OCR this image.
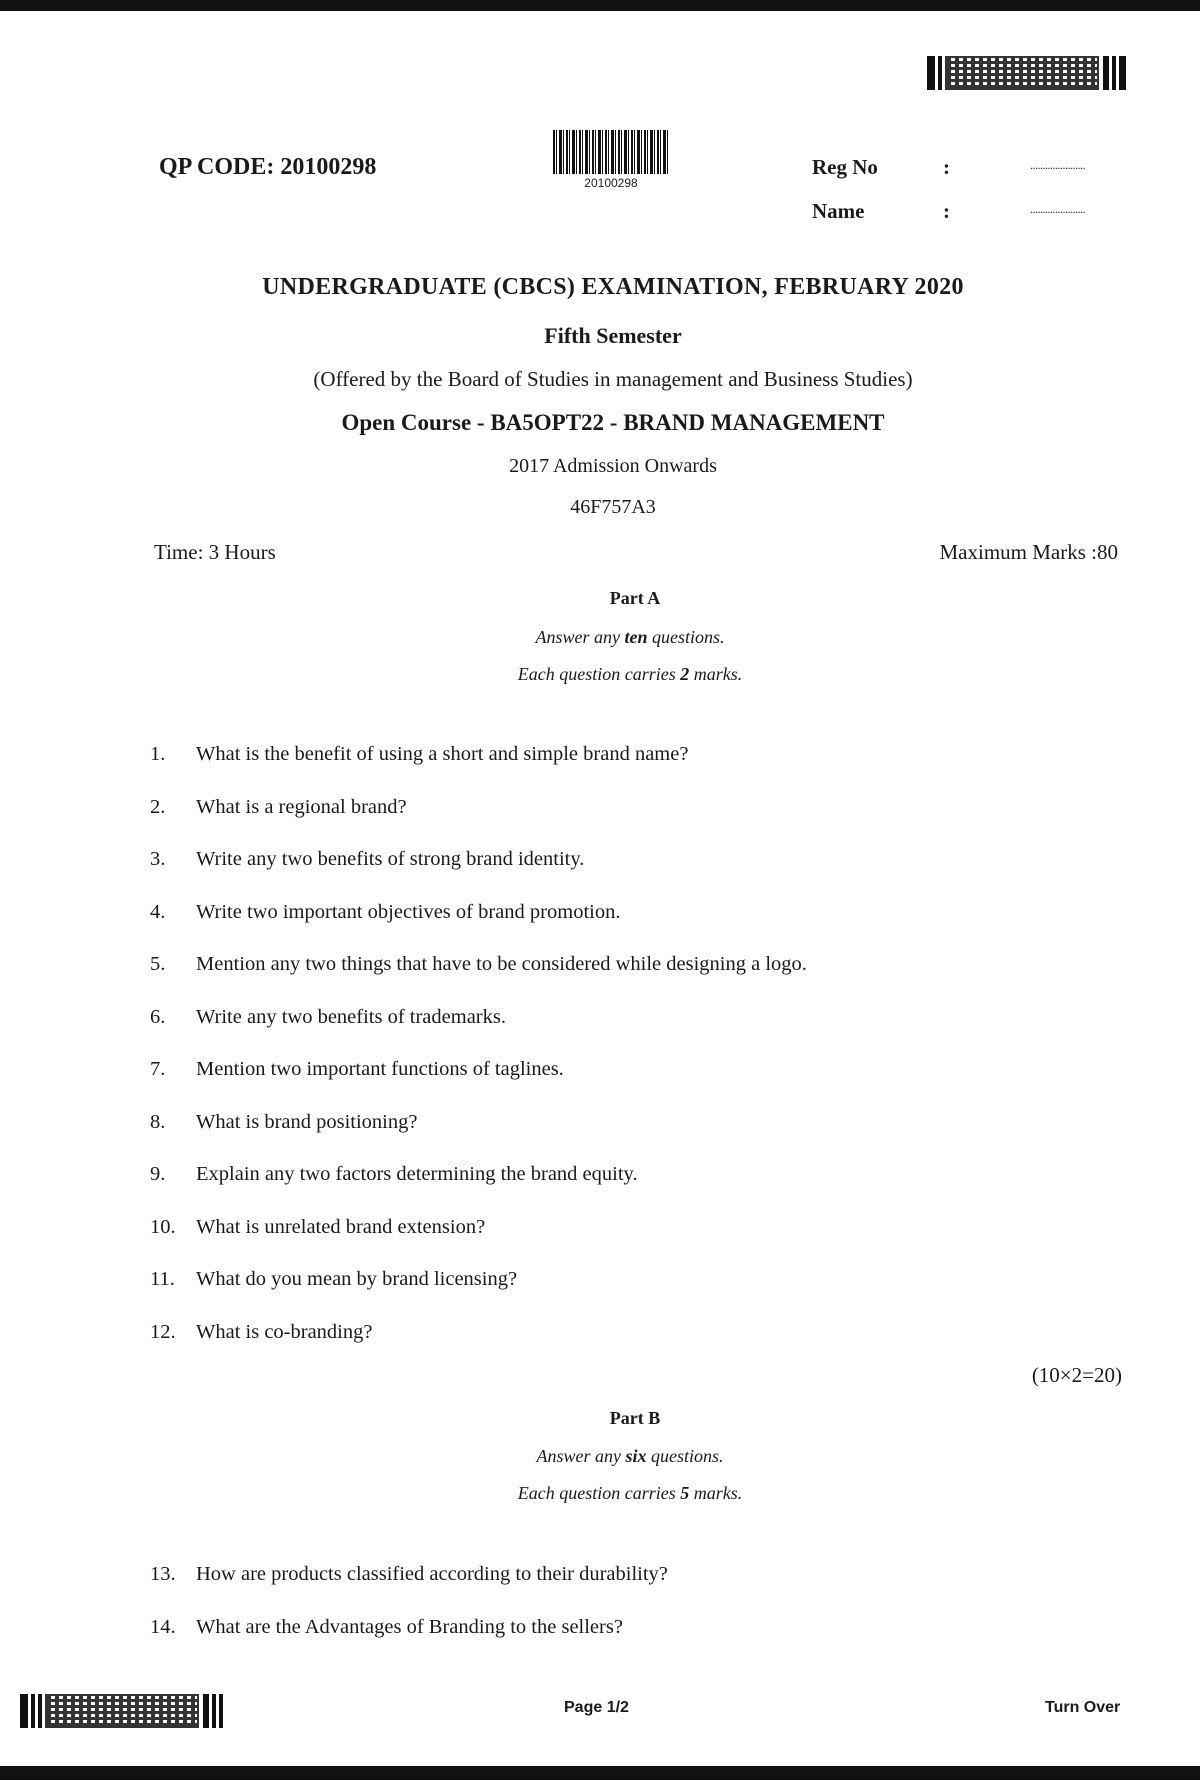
QP CODE: 20100298
20100298
Reg No	:	......................
Name	:	......................
UNDERGRADUATE (CBCS) EXAMINATION, FEBRUARY 2020
Fifth Semester
(Offered by the Board of Studies in management and Business Studies)
Open Course - BA5OPT22 - BRAND MANAGEMENT
2017 Admission Onwards
46F757A3
Time: 3 Hours	Maximum Marks :80
Part A
Answer any ten questions.
Each question carries 2 marks.
1. What is the benefit of using a short and simple brand name?
2. What is a regional brand?
3. Write any two benefits of strong brand identity.
4. Write two important objectives of brand promotion.
5. Mention any two things that have to be considered while designing a logo.
6. Write any two benefits of trademarks.
7. Mention two important functions of taglines.
8. What is brand positioning?
9. Explain any two factors determining the brand equity.
10. What is unrelated brand extension?
11. What do you mean by brand licensing?
12. What is co-branding?
(10×2=20)
Part B
Answer any six questions.
Each question carries 5 marks.
13. How are products classified according to their durability?
14. What are the Advantages of Branding to the sellers?
Page 1/2	Turn Over
